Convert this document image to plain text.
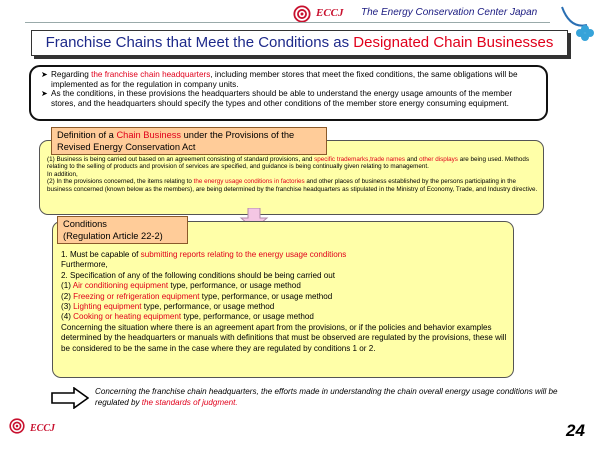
ECCJ The Energy Conservation Center Japan
Franchise Chains that Meet the Conditions as Designated Chain Businesses
➤ Regarding the franchise chain headquarters, including member stores that meet the fixed conditions, the same obligations will be implemented as for the regulation in company units.
➤ As the conditions, in these provisions the headquarters should be able to understand the energy usage amounts of the member stores, and the headquarters should specify the types and other conditions of the member store energy consuming equipment.
Definition of a Chain Business under the Provisions of the Revised Energy Conservation Act
(1) Business is being carried out based on an agreement consisting of standard provisions, and specific trademarks,trade names and other displays are being used. Methods relating to the selling of products and provision of services are specified, and guidance is being continually given relating to management.
In addition,
(2) In the provisions concerned, the items relating to the energy usage conditions in factories and other places of business established by the persons participating in the business concerned (known below as the members), are being determined by the franchise headquarters as stipulated in the Ministry of Economy, Trade, and Industry directive.
Conditions
(Regulation Article 22-2)
1. Must be capable of submitting reports relating to the energy usage conditions
Furthermore,
2. Specification of any of the following conditions should be being carried out
(1) Air conditioning equipment type, performance, or usage method
(2) Freezing or refrigeration equipment type, performance, or usage method
(3) Lighting equipment type, performance, or usage method
(4) Cooking or heating equipment type, performance, or usage method
Concerning the situation where there is an agreement apart from the provisions, or if the policies and behavior examples determined by the headquarters or manuals with definitions that must be observed are regulated by the provisions, these will be considered to be the same in the case where they are regulated by conditions 1 or 2.
Concerning the franchise chain headquarters, the efforts made in understanding the chain overall energy usage conditions will be regulated by the standards of judgment.
ECCJ	24
